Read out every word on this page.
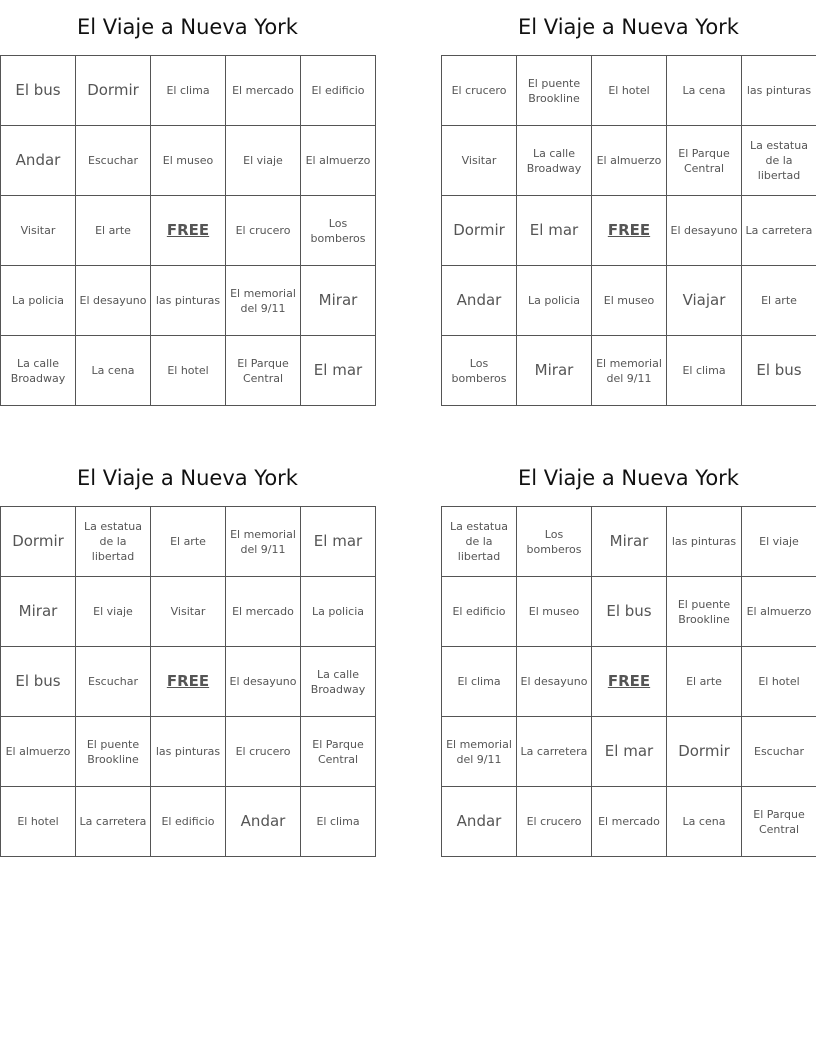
El Viaje a Nueva York
El bus	Dormir	El clima	El mercado	El edificio
Andar	Escuchar	El museo	El viaje	El almuerzo
Visitar	El arte	FREE	El crucero	Los bomberos
La policia	El desayuno	las pinturas	El memorial del 9/11	Mirar
La calle Broadway	La cena	El hotel	El Parque Central	El mar
El Viaje a Nueva York
El crucero	El puente Brookline	El hotel	La cena	las pinturas
Visitar	La calle Broadway	El almuerzo	El Parque Central	La estatua de la libertad
Dormir	El mar	FREE	El desayuno	La carretera
Andar	La policia	El museo	Viajar	El arte
Los bomberos	Mirar	El memorial del 9/11	El clima	El bus
El Viaje a Nueva York
Dormir	La estatua de la libertad	El arte	El memorial del 9/11	El mar
Mirar	El viaje	Visitar	El mercado	La policia
El bus	Escuchar	FREE	El desayuno	La calle Broadway
El almuerzo	El puente Brookline	las pinturas	El crucero	El Parque Central
El hotel	La carretera	El edificio	Andar	El clima
El Viaje a Nueva York
La estatua de la libertad	Los bomberos	Mirar	las pinturas	El viaje
El edificio	El museo	El bus	El puente Brookline	El almuerzo
El clima	El desayuno	FREE	El arte	El hotel
El memorial del 9/11	La carretera	El mar	Dormir	Escuchar
Andar	El crucero	El mercado	La cena	El Parque Central
